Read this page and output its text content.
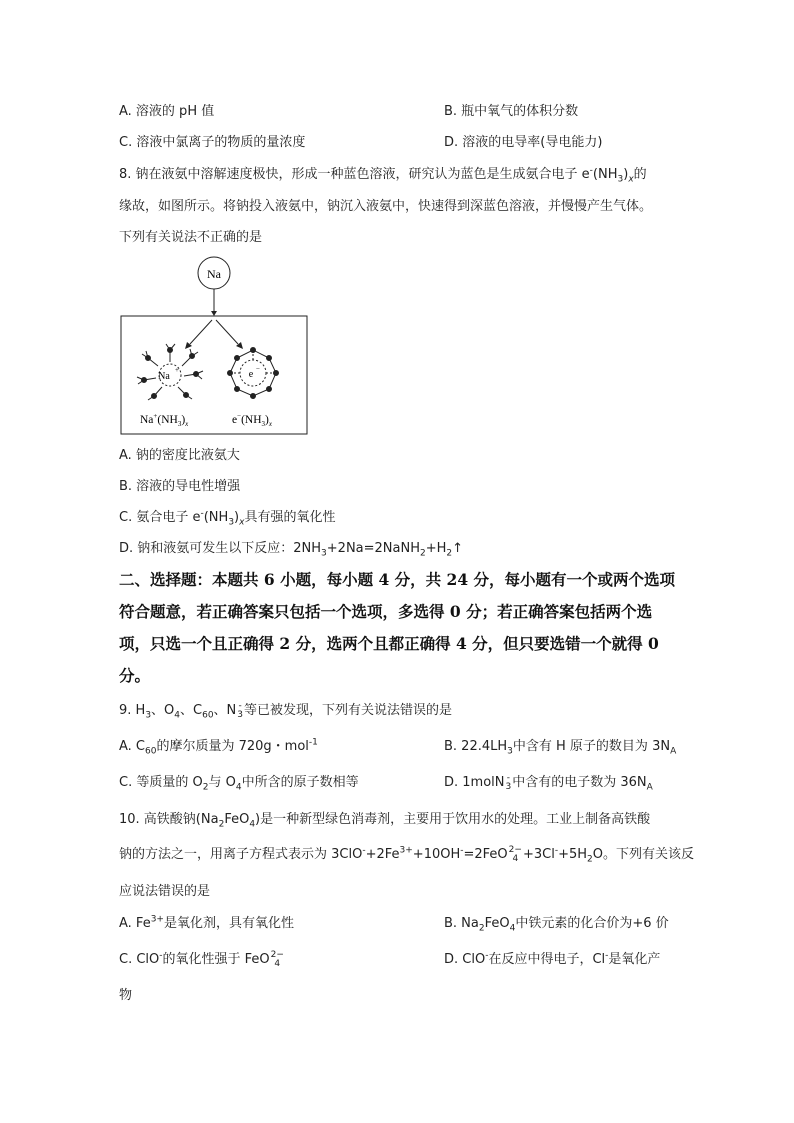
A. 溶液的 pH 值	B. 瓶中氧气的体积分数
C. 溶液中氯离子的物质的量浓度	D. 溶液的电导率(导电能力)
8. 钠在液氨中溶解速度极快，形成一种蓝色溶液，研究认为蓝色是生成氨合电子 $e^-(NH_3)_x$的
缘故，如图所示。将钠投入液氨中，钠沉入液氨中，快速得到深蓝色溶液，并慢慢产生气体。
下列有关说法不正确的是
Na
Na
+	e −
$Na^+(NH_3)_x$	$e^-(NH_3)_x$
A. 钠的密度比液氨大
B. 溶液的导电性增强
C. 氨合电子 $e^-(NH_3)_x$具有强的氧化性
D. 钠和液氨可发生以下反应：$2NH_3+2Na=2NaNH_2+H_2↑$
二、选择题：本题共 6 小题，每小题 4 分，共 24 分，每小题有一个或两个选项
符合题意，若正确答案只包括一个选项，多选得 0 分；若正确答案包括两个选
项，只选一个且正确得 2 分，选两个且都正确得 4 分，但只要选错一个就得 0
分。
9. $H_3$、$O_4$、$C_{60}$、N -
3 等已被发现，下列有关说法错误的是
A. $C_{60}$的摩尔质量为 720g・mol$^{-1}$	B. $22.4LH_3$中含有 H 原子的数目为 $3N_A$
C. 等质量的 $O_2$与 $O_4$中所含的原子数相等	D. 1molN -
3 中含有的电子数为 $36N_A$
10. 高铁酸钠$(Na_2FeO_4)$是一种新型绿色消毒剂，主要用于饮用水的处理。工业上制备高铁酸
钠的方法之一，用离子方程式表示为 $3ClO^-+2Fe^{3+}+10OH^-=2FeO$ 2−
$4 +3Cl^-+5H_2O$。下列有关该反
应说法错误的是
A. $Fe^{3+}$是氧化剂，具有氧化性	B. $Na_2FeO_4$中铁元素的化合价为+6 价
C. ClO-的氧化性强于 FeO 2−
4	D. ClO-在反应中得电子，Cl-是氧化产
物
